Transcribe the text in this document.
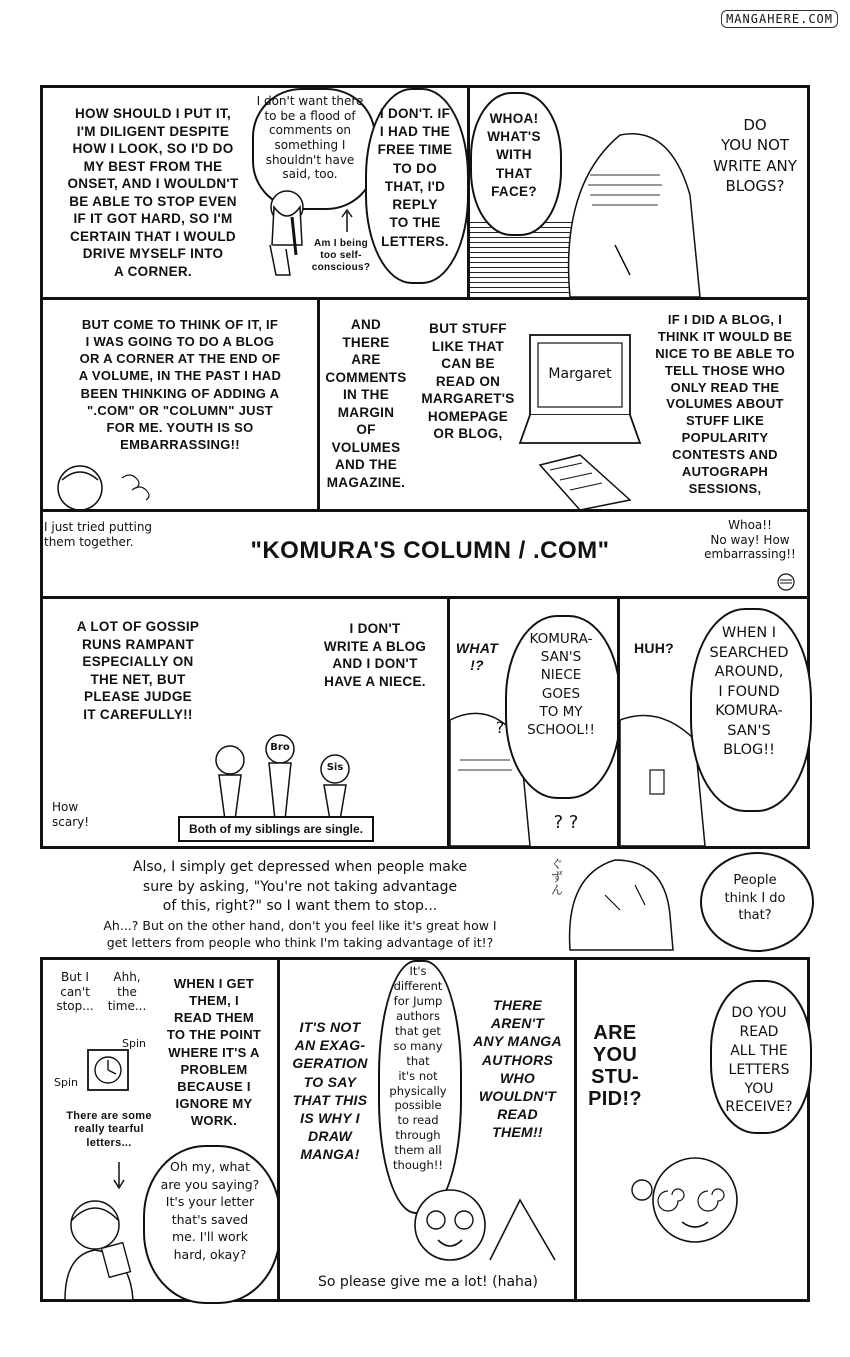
MANGAHERE.COM
HOW SHOULD I PUT IT,
I'M DILIGENT DESPITE
HOW I LOOK, SO I'D DO
MY BEST FROM THE
ONSET, AND I WOULDN'T
BE ABLE TO STOP EVEN
IF IT GOT HARD, SO I'M
CERTAIN THAT I WOULD
DRIVE MYSELF INTO
A CORNER.
I don't want there
to be a flood of
comments on
something I
shouldn't have
said, too.
Am I being
too self-
conscious?
I DON'T. IF
I HAD THE
FREE TIME
TO DO
THAT, I'D
REPLY
TO THE
LETTERS.
WHOA!
WHAT'S
WITH
THAT
FACE?
DO
YOU NOT
WRITE ANY
BLOGS?
BUT COME TO THINK OF IT, IF
I WAS GOING TO DO A BLOG
OR A CORNER AT THE END OF
A VOLUME, IN THE PAST I HAD
BEEN THINKING OF ADDING A
".COM" OR "COLUMN" JUST
FOR ME. YOUTH IS SO
EMBARRASSING!!
AND
THERE
ARE
COMMENTS
IN THE
MARGIN
OF
VOLUMES
AND THE
MAGAZINE.
BUT STUFF
LIKE THAT
CAN BE
READ ON
MARGARET'S
HOMEPAGE
OR BLOG,
Margaret
IF I DID A BLOG, I
THINK IT WOULD BE
NICE TO BE ABLE TO
TELL THOSE WHO
ONLY READ THE
VOLUMES ABOUT
STUFF LIKE
POPULARITY
CONTESTS AND
AUTOGRAPH
SESSIONS,
I just tried putting
them together.	"KOMURA'S COLUMN / .COM"
Whoa!!
No way! How
embarrassing!!
A LOT OF GOSSIP
RUNS RAMPANT
ESPECIALLY ON
THE NET, BUT
PLEASE JUDGE
IT CAREFULLY!!
I DON'T
WRITE A BLOG
AND I DON'T
HAVE A NIECE.
Bro
Sis
How
scary!
Both of my siblings are single.
WHAT
!?
KOMURA-
SAN'S
NIECE
GOES
TO MY
SCHOOL!!
?
? ?
HUH?
WHEN I
SEARCHED
AROUND,
I FOUND
KOMURA-
SAN'S
BLOG!!
Also, I simply get depressed when people make
sure by asking, "You're not taking advantage
of this, right?" so I want them to stop...
Ah...? But on the other hand, don't you feel like it's great how I
get letters from people who think I'm taking advantage of it!?
ぐずん
People
think I do
that?
But I
can't
stop...
Ahh,
the
time...
WHEN I GET
THEM, I
READ THEM
TO THE POINT
WHERE IT'S A
PROBLEM
BECAUSE I
IGNORE MY
WORK.
Spin
Spin
There are some
really tearful
letters...
Oh my, what
are you saying?
It's your letter
that's saved
me. I'll work
hard, okay?
IT'S NOT
AN EXAG-
GERATION
TO SAY
THAT THIS
IS WHY I
DRAW
MANGA!
It's
different
for Jump
authors
that get
so many
that
it's not
physically
possible
to read
through
them all
though!!
THERE
AREN'T
ANY MANGA
AUTHORS
WHO
WOULDN'T
READ
THEM!!
So please give me a lot! (haha)
ARE
YOU
STU-
PID!?
DO YOU
READ
ALL THE
LETTERS
YOU
RECEIVE?
